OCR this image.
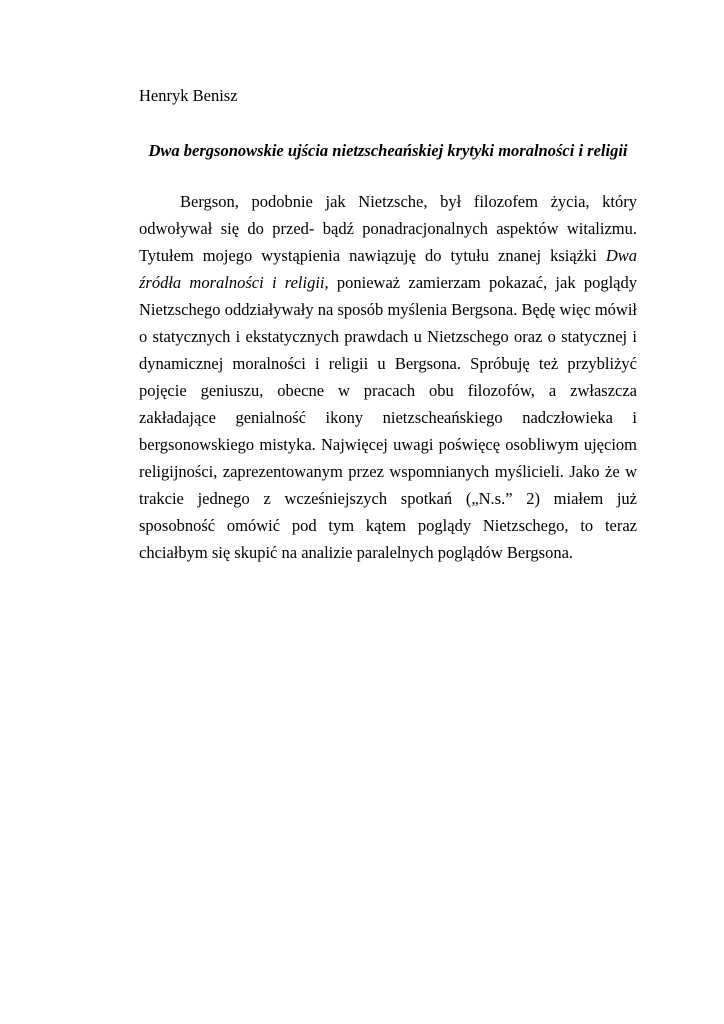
Henryk Benisz
Dwa bergsonowskie ujścia nietzscheańskiej krytyki moralności i religii

Bergson, podobnie jak Nietzsche, był filozofem życia, który odwoływał się do przed- bądź ponadracjonalnych aspektów witalizmu. Tytułem mojego wystąpienia nawiązuję do tytułu znanej książki Dwa źródła moralności i religii, ponieważ zamierzam pokazać, jak poglądy Nietzschego oddziaływały na sposób myślenia Bergsona. Będę więc mówił o statycznych i ekstatycznych prawdach u Nietzschego oraz o statycznej i dynamicznej moralności i religii u Bergsona. Spróbuję też przybliżyć pojęcie geniuszu, obecne w pracach obu filozofów, a zwłaszcza zakładające genialność ikony nietzscheańskiego nadczłowieka i bergsonowskiego mistyka. Najwięcej uwagi poświęcę osobliwym ujęciom religijności, zaprezentowanym przez wspomnianych myślicieli. Jako że w trakcie jednego z wcześniejszych spotkań („N.s.” 2) miałem już sposobność omówić pod tym kątem poglądy Nietzschego, to teraz chciałbym się skupić na analizie paralelnych poglądów Bergsona.
